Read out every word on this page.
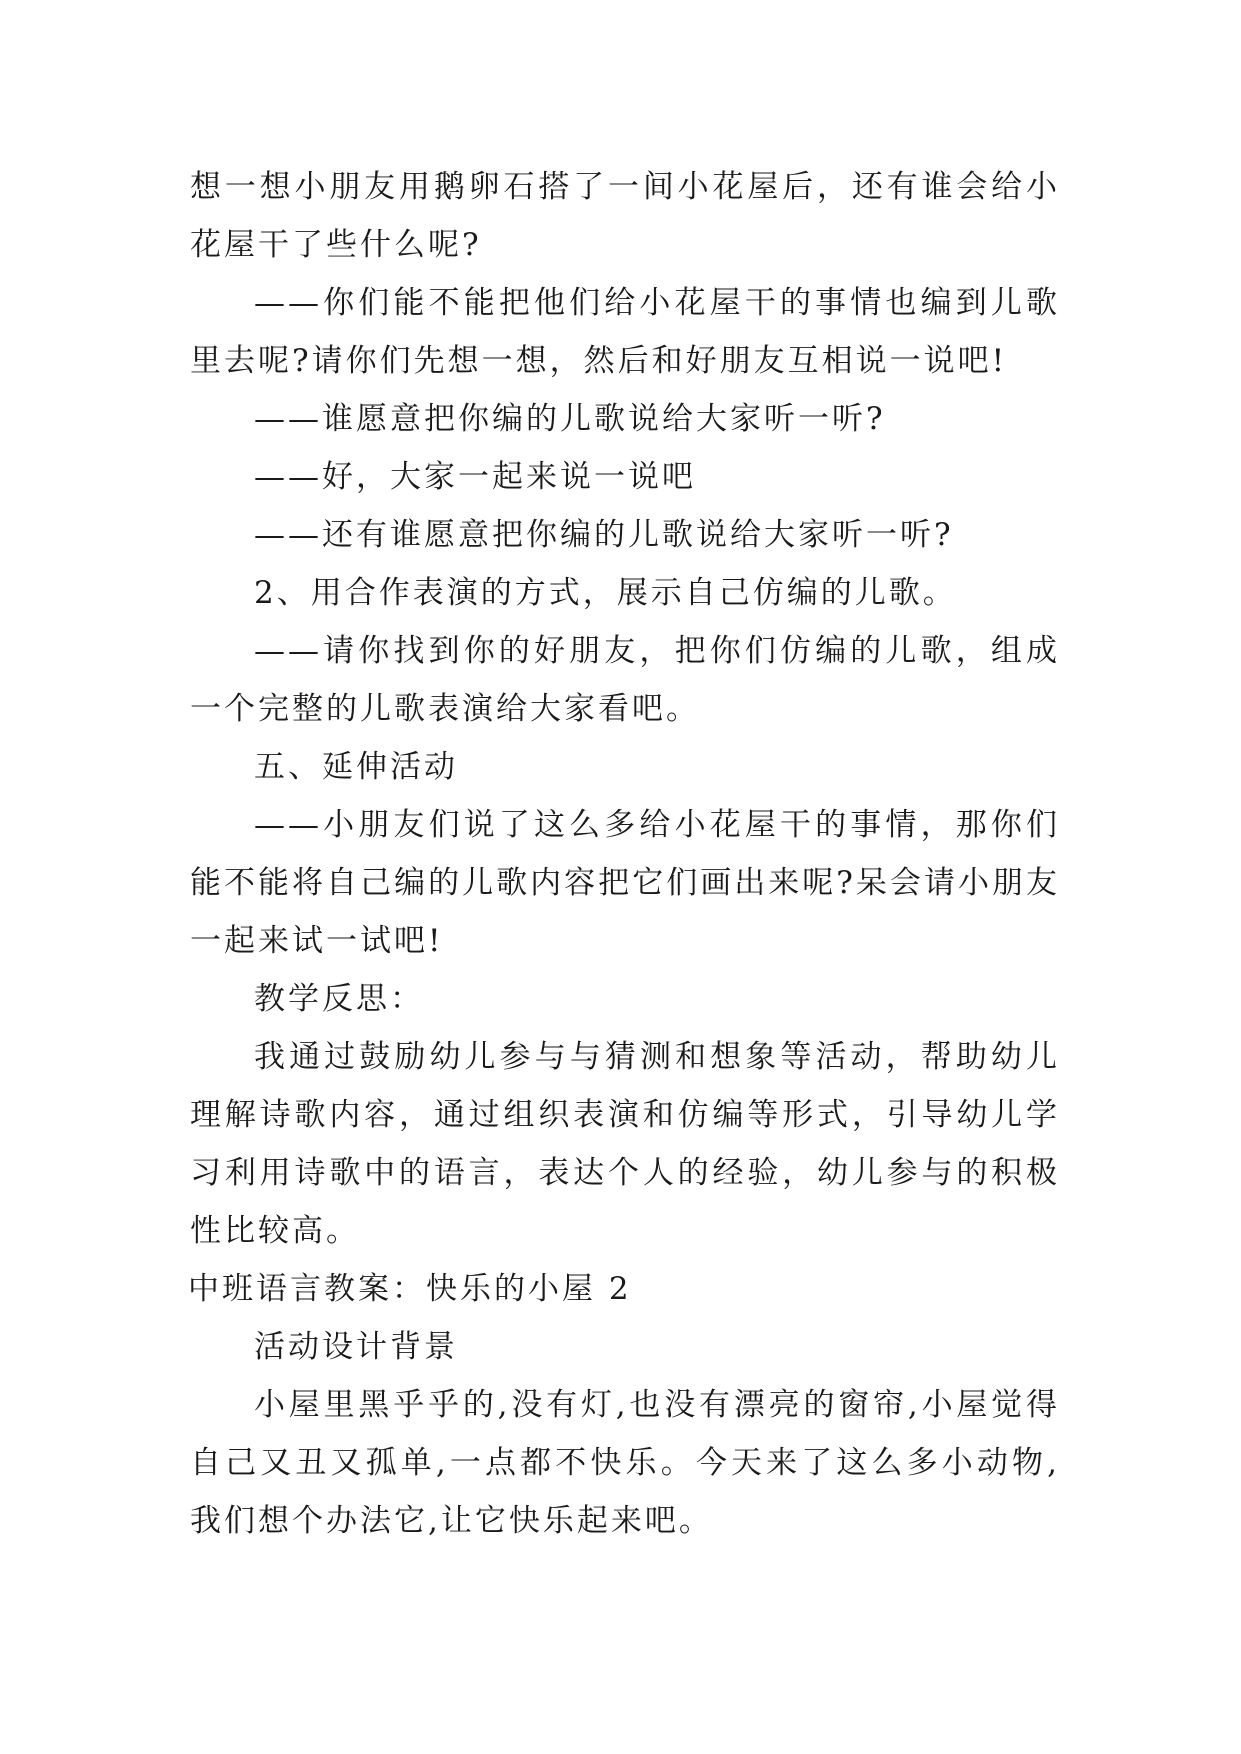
想一想小朋友用鹅卵石搭了一间小花屋后，还有谁会给小花屋干了些什么呢?

——你们能不能把他们给小花屋干的事情也编到儿歌里去呢?请你们先想一想，然后和好朋友互相说一说吧!

——谁愿意把你编的儿歌说给大家听一听?

——好，大家一起来说一说吧

——还有谁愿意把你编的儿歌说给大家听一听?

2、用合作表演的方式，展示自己仿编的儿歌。

——请你找到你的好朋友，把你们仿编的儿歌，组成一个完整的儿歌表演给大家看吧。

五、延伸活动

——小朋友们说了这么多给小花屋干的事情，那你们能不能将自己编的儿歌内容把它们画出来呢?呆会请小朋友一起来试一试吧!

教学反思：

我通过鼓励幼儿参与与猜测和想象等活动，帮助幼儿理解诗歌内容，通过组织表演和仿编等形式，引导幼儿学习利用诗歌中的语言，表达个人的经验，幼儿参与的积极性比较高。

中班语言教案：快乐的小屋 2

活动设计背景

小屋里黑乎乎的,没有灯,也没有漂亮的窗帘,小屋觉得自己又丑又孤单,一点都不快乐。今天来了这么多小动物,我们想个办法它,让它快乐起来吧。
